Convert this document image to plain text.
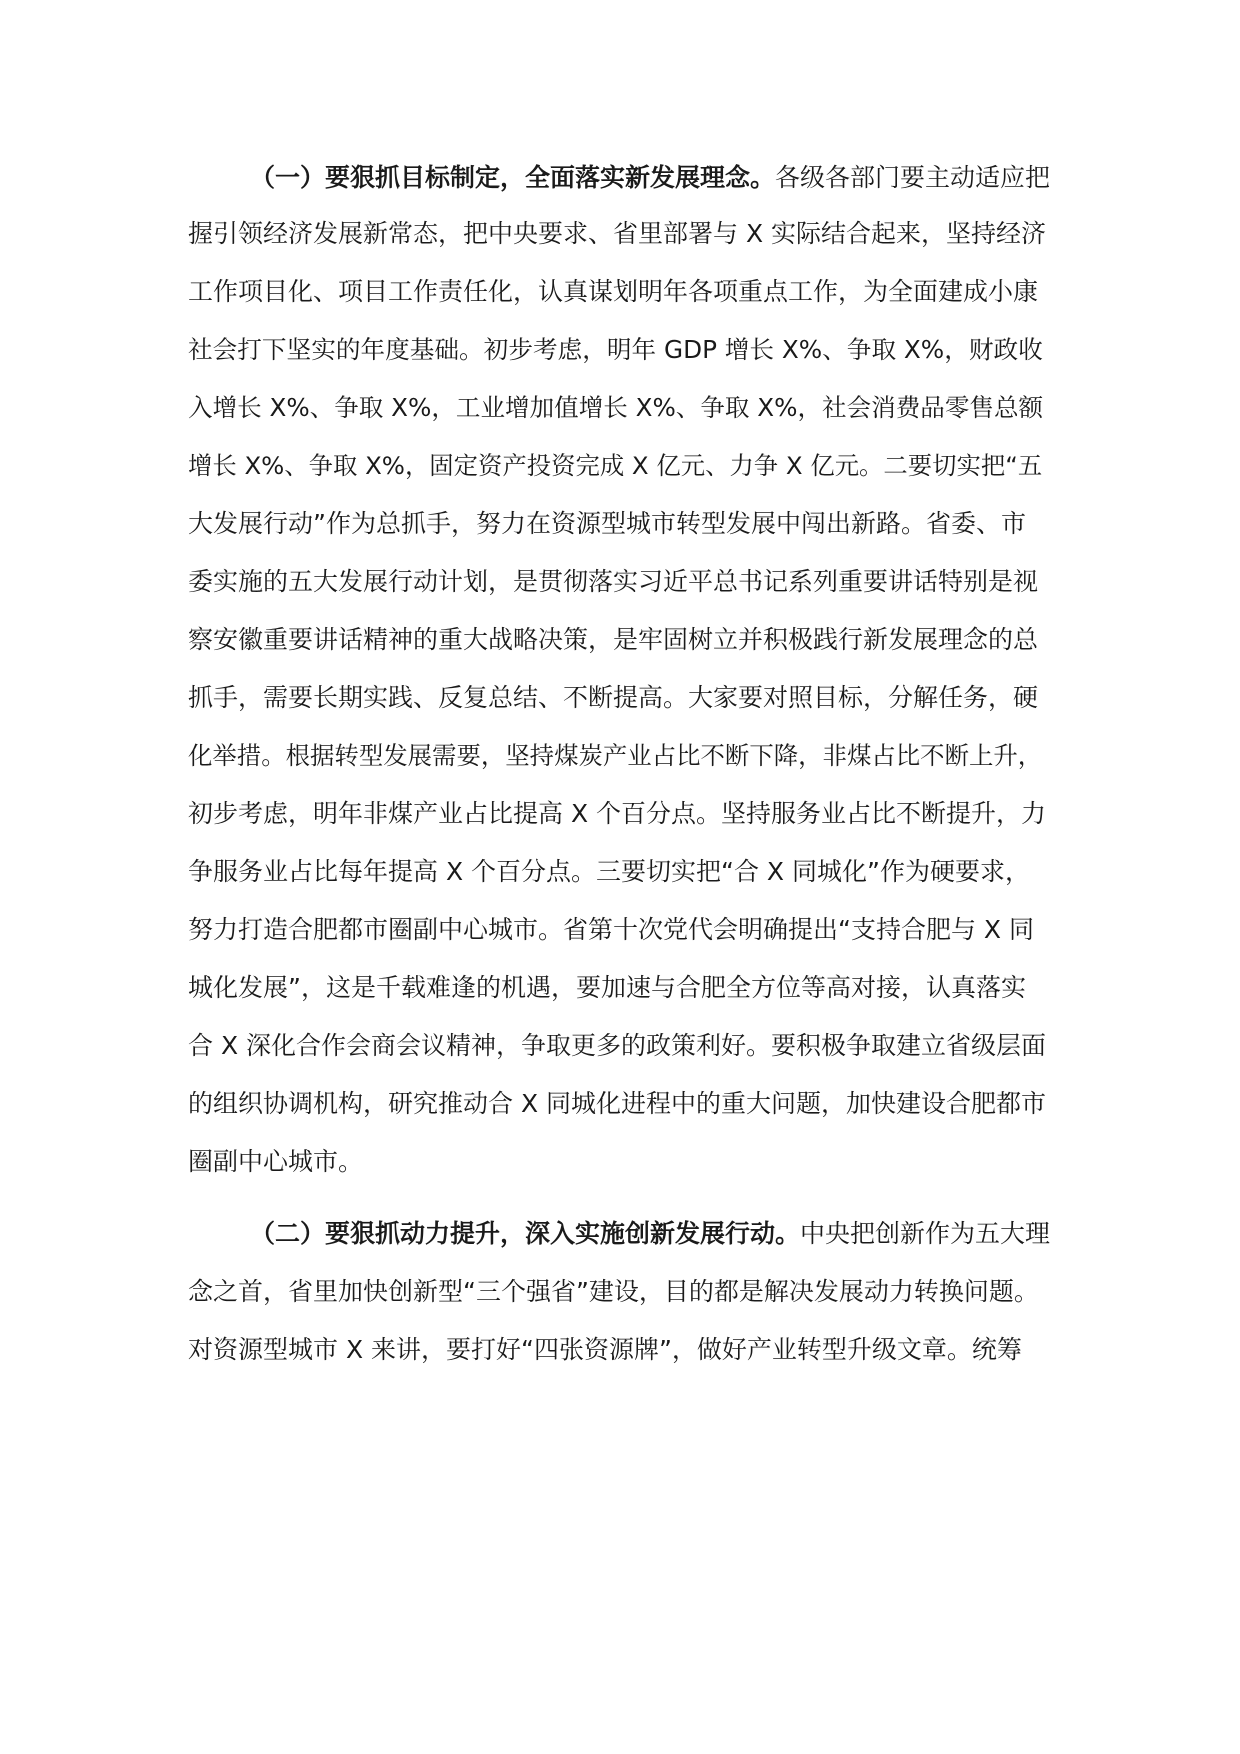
（一）要狠抓目标制定，全面落实新发展理念。各级各部门要主动适应把
握引领经济发展新常态，把中央要求、省里部署与 X 实际结合起来，坚持经济
工作项目化、项目工作责任化，认真谋划明年各项重点工作，为全面建成小康
社会打下坚实的年度基础。初步考虑，明年 GDP 增长 X%、争取 X%，财政收
入增长 X%、争取 X%，工业增加值增长 X%、争取 X%，社会消费品零售总额
增长 X%、争取 X%，固定资产投资完成 X 亿元、力争 X 亿元。二要切实把“五
大发展行动”作为总抓手，努力在资源型城市转型发展中闯出新路。省委、市
委实施的五大发展行动计划，是贯彻落实习近平总书记系列重要讲话特别是视
察安徽重要讲话精神的重大战略决策，是牢固树立并积极践行新发展理念的总
抓手，需要长期实践、反复总结、不断提高。大家要对照目标，分解任务，硬
化举措。根据转型发展需要，坚持煤炭产业占比不断下降，非煤占比不断上升，
初步考虑，明年非煤产业占比提高 X 个百分点。坚持服务业占比不断提升，力
争服务业占比每年提高 X 个百分点。三要切实把“合 X 同城化”作为硬要求，
努力打造合肥都市圈副中心城市。省第十次党代会明确提出“支持合肥与 X 同
城化发展”，这是千载难逢的机遇，要加速与合肥全方位等高对接，认真落实
合 X 深化合作会商会议精神，争取更多的政策利好。要积极争取建立省级层面
的组织协调机构，研究推动合 X 同城化进程中的重大问题，加快建设合肥都市
圈副中心城市。
（二）要狠抓动力提升，深入实施创新发展行动。中央把创新作为五大理
念之首，省里加快创新型“三个强省”建设，目的都是解决发展动力转换问题。
对资源型城市 X 来讲，要打好“四张资源牌”，做好产业转型升级文章。统筹
